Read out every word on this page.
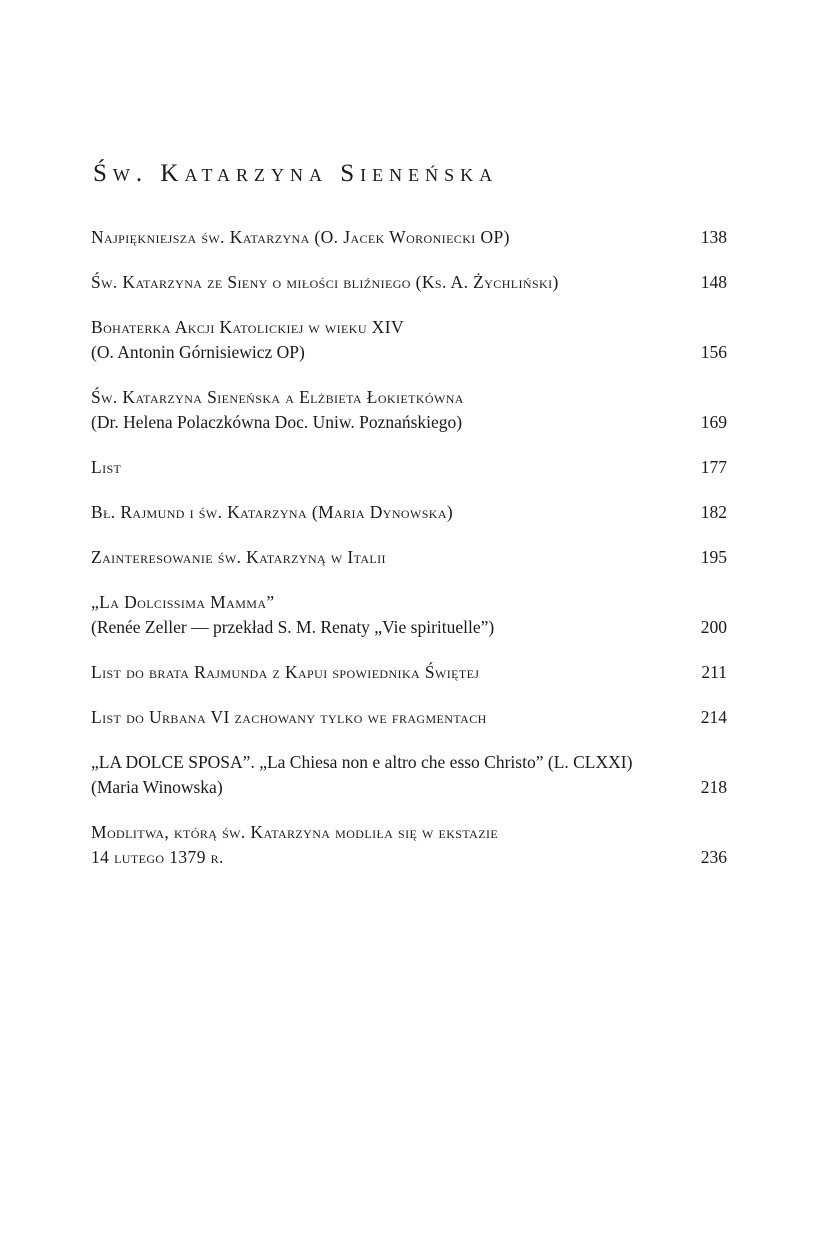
Św. Katarzyna Sieneńska
Najpiękniejsza św. Katarzyna (O. Jacek Woroniecki OP)	138
Św. Katarzyna ze Sieny o miłości bliźniego (Ks. A. Żychliński)	148
Bohaterka Akcji Katolickiej w wieku XIV
(O. Antonin Górnisiewicz OP)	156
Św. Katarzyna Sieneńska a Elżbieta Łokietkówna
(Dr. Helena Polaczkówna Doc. Uniw. Poznańskiego)	169
List	177
Bł. Rajmund i św. Katarzyna (Maria Dynowska)	182
Zainteresowanie św. Katarzyną w Italii	195
„La Dolcissima Mamma”
(Renée Zeller — przekład S. M. Renaty „Vie spirituelle”)	200
List do brata Rajmunda z Kapui spowiednika Świętej	211
List do Urbana VI zachowany tylko we fragmentach	214
„LA DOLCE SPOSA”. „La Chiesa non e altro che esso Christo” (L. CLXXI)
(Maria Winowska)	218
Modlitwa, którą św. Katarzyna modliła się w ekstazie
14 lutego 1379 r.	236
